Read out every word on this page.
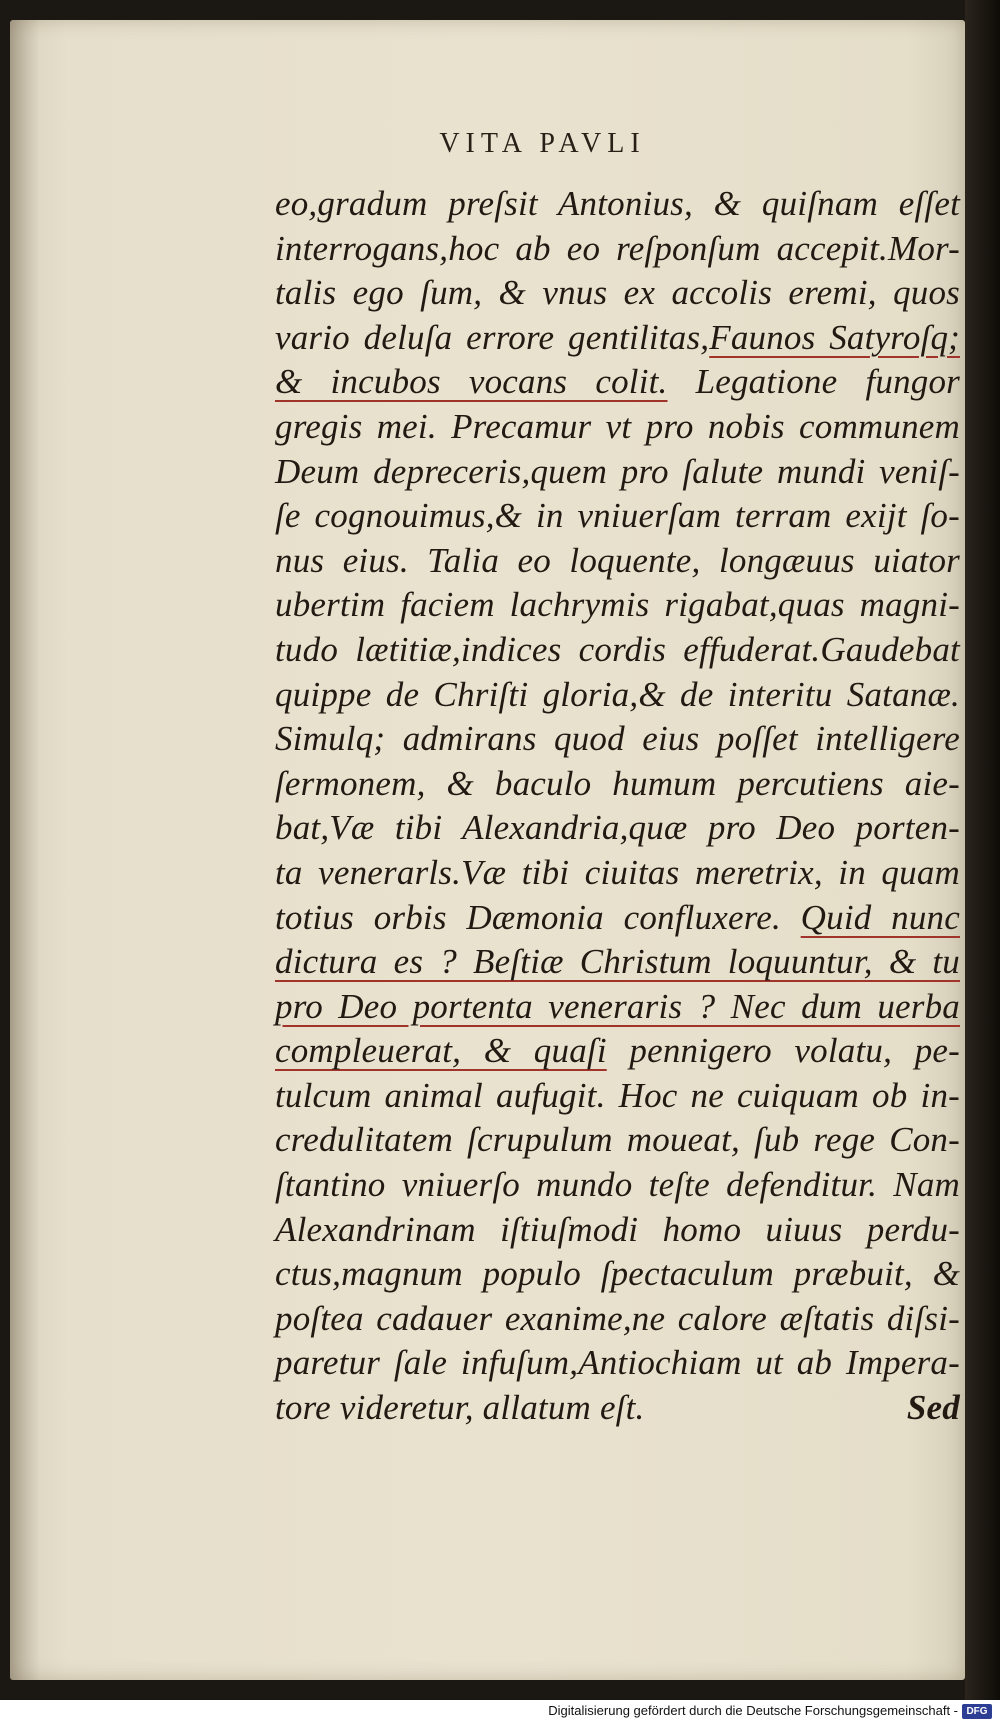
VITA PAVLI
eo,gradum preſsit Antonius, & quiſnam eſſet
interrogans,hoc ab eo reſponſum accepit.Mor-
talis ego ſum, & vnus ex accolis eremi, quos
vario deluſa errore gentilitas,Faunos Satyroſq;
& incubos vocans colit. Legatione fungor
gregis mei. Precamur vt pro nobis communem
Deum depreceris,quem pro ſalute mundi veniſ-
ſe cognouimus,& in vniuerſam terram exijt ſo-
nus eius. Talia eo loquente, longæuus uiator
ubertim faciem lachrymis rigabat,quas magni-
tudo lætitiæ,indices cordis effuderat.Gaudebat
quippe de Chriſti gloria,& de interitu Satanæ.
Simulq; admirans quod eius poſſet intelligere
ſermonem, & baculo humum percutiens aie-
bat,Væ tibi Alexandria,quæ pro Deo porten-
ta venerarls.Væ tibi ciuitas meretrix, in quam
totius orbis Dæmonia confluxere. Quid nunc
dictura es ? Beſtiæ Christum loquuntur, & tu
pro Deo portenta veneraris ? Nec dum uerba
compleuerat, & quaſi pennigero volatu, pe-
tulcum animal aufugit. Hoc ne cuiquam ob in-
credulitatem ſcrupulum moueat, ſub rege Con-
ſtantino vniuerſo mundo teſte defenditur. Nam
Alexandrinam iſtiuſmodi homo uiuus perdu-
ctus,magnum populo ſpectaculum præbuit, &
poſtea cadauer exanime,ne calore æſtatis diſsi-
paretur ſale infuſum,Antiochiam ut ab Impera-
tore videretur, allatum eſt.	Sed
Digitalisierung gefördert durch die Deutsche Forschungsgemeinschaft - DFG
